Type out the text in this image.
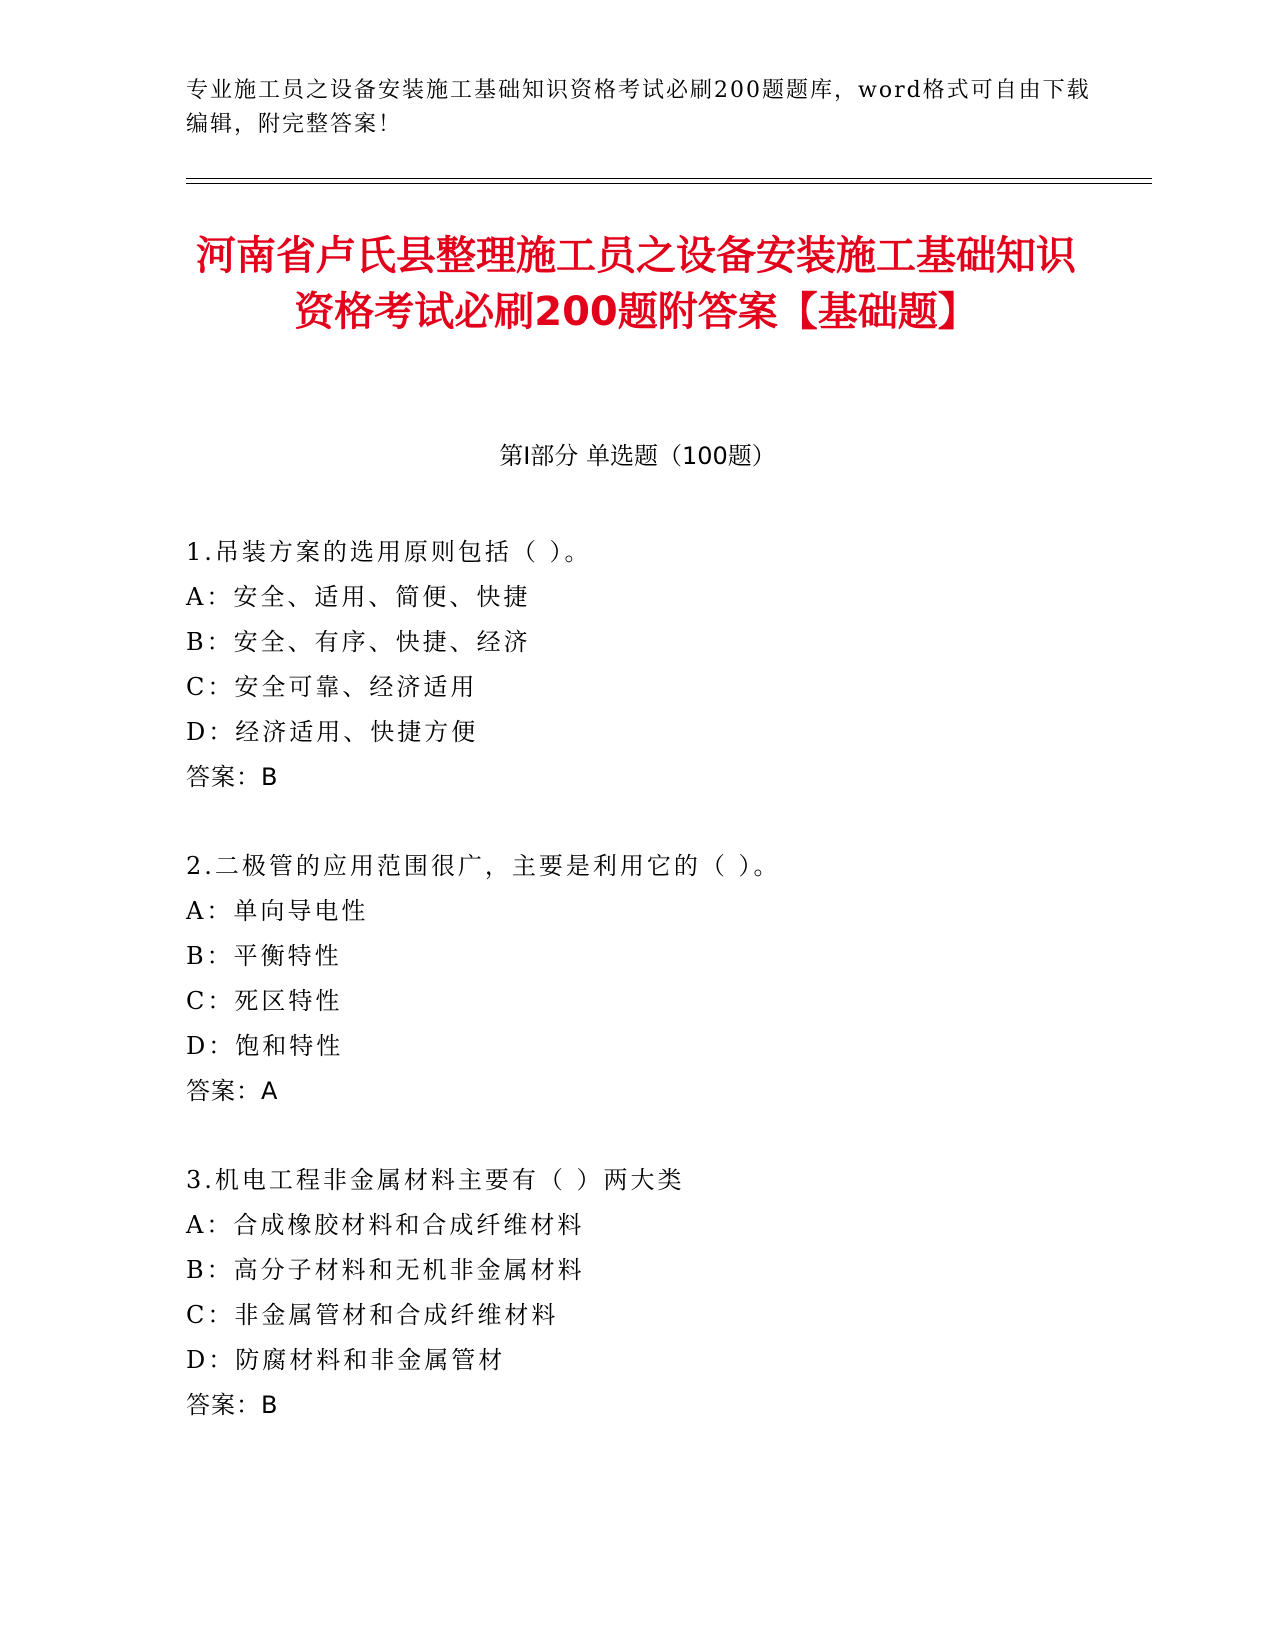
专业施工员之设备安装施工基础知识资格考试必刷200题题库，word格式可自由下载编辑，附完整答案！
河南省卢氏县整理施工员之设备安装施工基础知识资格考试必刷200题附答案【基础题】
第Ⅰ部分 单选题（100题）
1.吊装方案的选用原则包括（ ）。
A：安全、适用、简便、快捷
B：安全、有序、快捷、经济
C：安全可靠、经济适用
D：经济适用、快捷方便
答案：B
2.二极管的应用范围很广，主要是利用它的（ ）。
A：单向导电性
B：平衡特性
C：死区特性
D：饱和特性
答案：A
3.机电工程非金属材料主要有（ ）两大类
A：合成橡胶材料和合成纤维材料
B：高分子材料和无机非金属材料
C：非金属管材和合成纤维材料
D：防腐材料和非金属管材
答案：B
